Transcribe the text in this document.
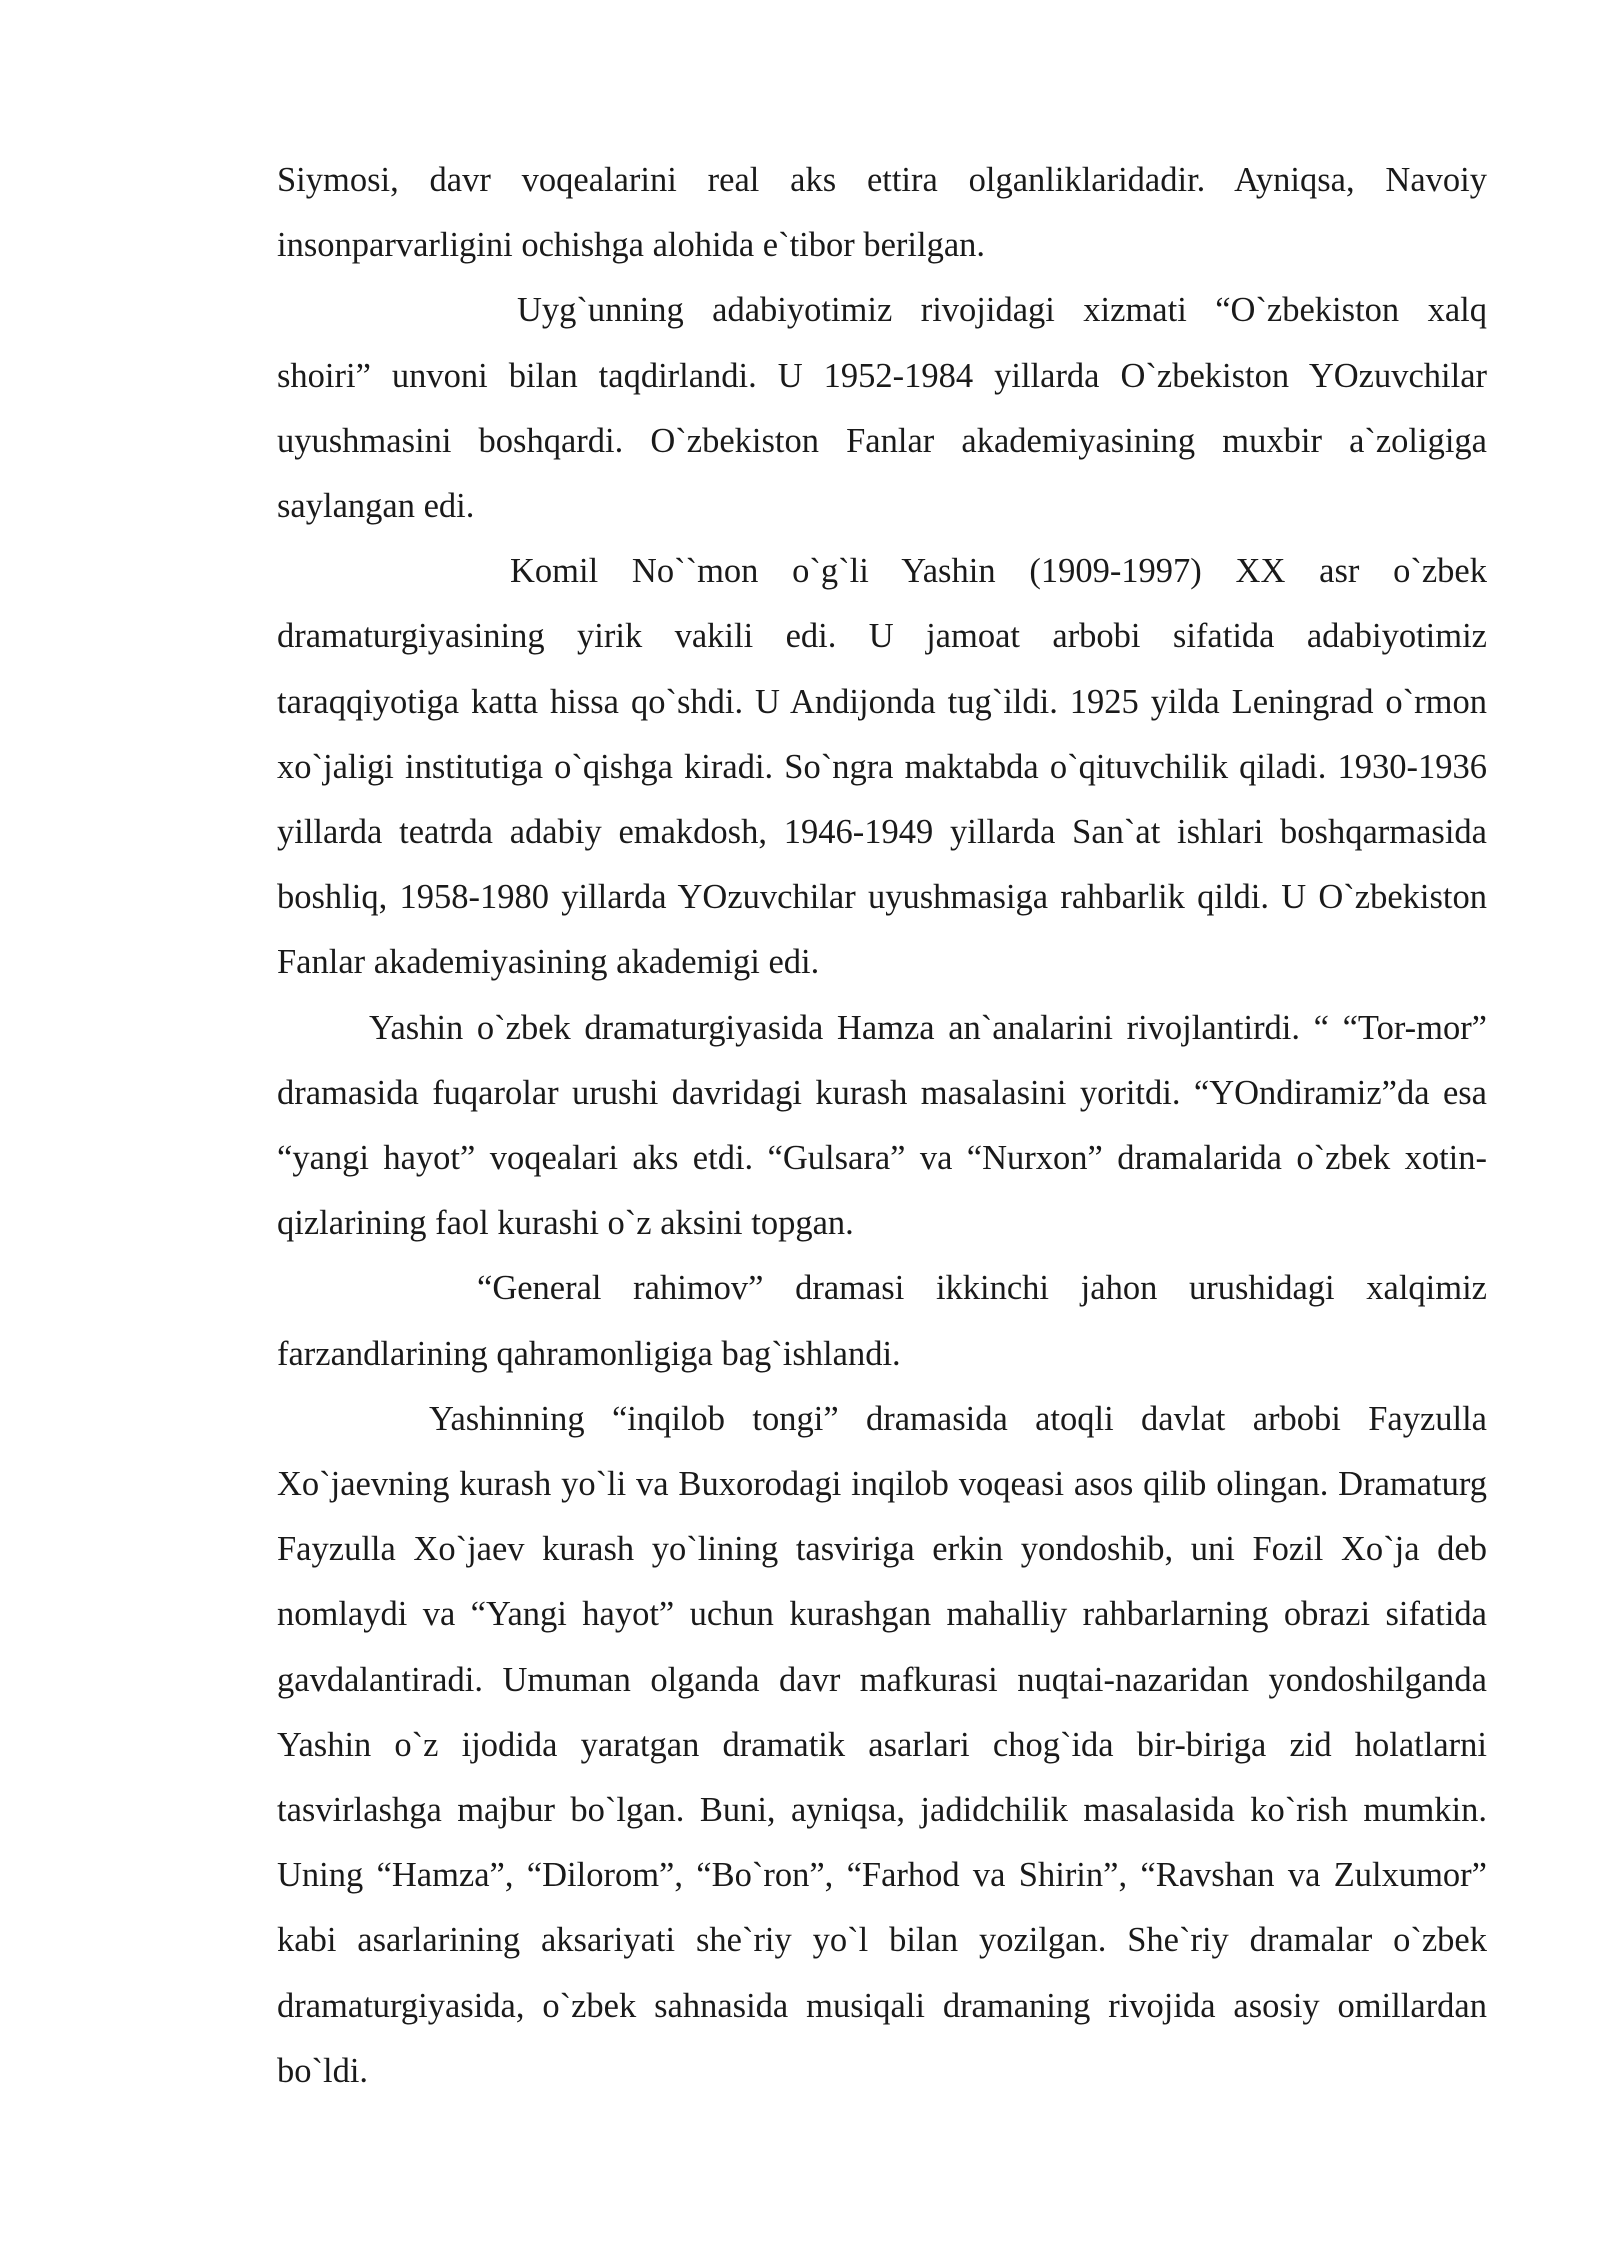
Siymosi, davr voqealarini real aks ettira olganliklaridadir. Ayniqsa, Navoiy insonparvarligini ochishga alohida e`tibor berilgan.

Uyg`unning adabiyotimiz rivojidagi xizmati “O`zbekiston xalq shoiri” unvoni bilan taqdirlandi. U 1952-1984 yillarda O`zbekiston YOzuvchilar uyushmasini boshqardi. O`zbekiston Fanlar akademiyasining muxbir a`zoligiga saylangan edi.

Komil No``mon o`g`li Yashin (1909-1997) XX asr o`zbek dramaturgiyasining yirik vakili edi. U jamoat arbobi sifatida adabiyotimiz taraqqiyotiga katta hissa qo`shdi. U Andijonda tug`ildi. 1925 yilda Leningrad o`rmon xo`jaligi institutiga o`qishga kiradi. So`ngra maktabda o`qituvchilik qiladi. 1930-1936 yillarda teatrda adabiy emakdosh, 1946-1949 yillarda San`at ishlari boshqarmasida boshliq, 1958-1980 yillarda YOzuvchilar uyushmasiga rahbarlik qildi. U O`zbekiston Fanlar akademiyasining akademigi edi.

Yashin o`zbek dramaturgiyasida Hamza an`analarini rivojlantirdi. “ “Tor-mor” dramasida fuqarolar urushi davridagi kurash masalasini yoritdi. “YOndiramiz”da esa “yangi hayot” voqealari aks etdi. “Gulsara” va “Nurxon” dramalarida o`zbek xotin-qizlarining faol kurashi o`z aksini topgan.

“General rahimov” dramasi ikkinchi jahon urushidagi xalqimiz farzandlarining qahramonligiga bag`ishlandi.

Yashinning “inqilob tongi” dramasida atoqli davlat arbobi Fayzulla Xo`jaevning kurash yo`li va Buxorodagi inqilob voqeasi asos qilib olingan. Dramaturg Fayzulla Xo`jaev kurash yo`lining tasviriga erkin yondoshib, uni Fozil Xo`ja deb nomlaydi va “Yangi hayot” uchun kurashgan mahalliy rahbarlarning obrazi sifatida gavdalantiradi. Umuman olganda davr mafkurasi nuqtai-nazaridan yondoshilganda Yashin o`z ijodida yaratgan dramatik asarlari chog`ida bir-biriga zid holatlarni tasvirlashga majbur bo`lgan. Buni, ayniqsa, jadidchilik masalasida ko`rish mumkin. Uning “Hamza”, “Dilorom”, “Bo`ron”, “Farhod va Shirin”, “Ravshan va Zulxumor” kabi asarlarining aksariyati she`riy yo`l bilan yozilgan. She`riy dramalar o`zbek dramaturgiyasida, o`zbek sahnasida musiqali dramaning rivojida asosiy omillardan bo`ldi.
